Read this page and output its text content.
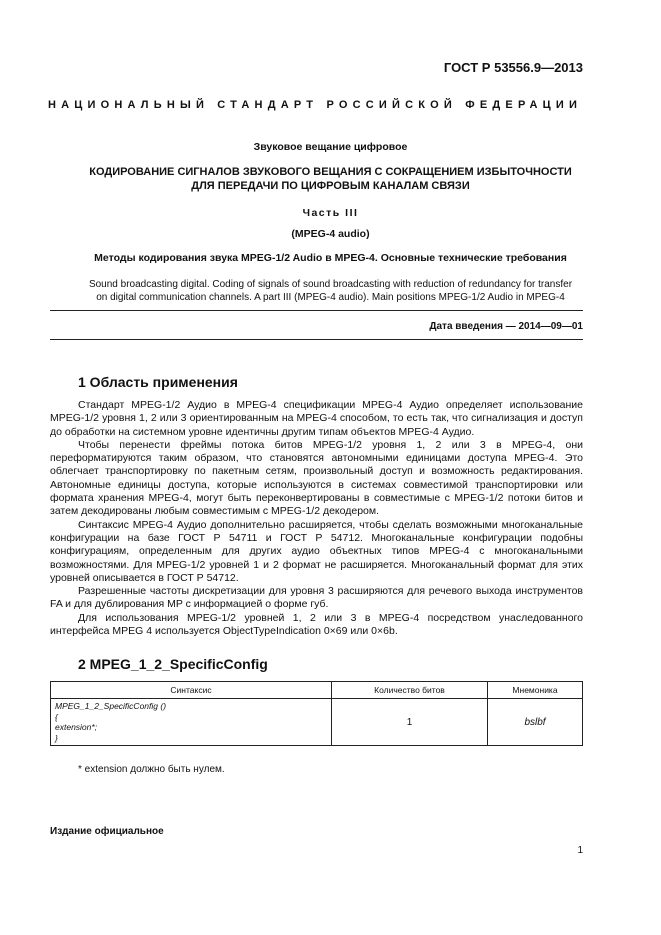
ГОСТ Р 53556.9—2013
НАЦИОНАЛЬНЫЙ СТАНДАРТ РОССИЙСКОЙ ФЕДЕРАЦИИ
Звуковое вещание цифровое
КОДИРОВАНИЕ СИГНАЛОВ ЗВУКОВОГО ВЕЩАНИЯ С СОКРАЩЕНИЕМ ИЗБЫТОЧНОСТИ
ДЛЯ ПЕРЕДАЧИ ПО ЦИФРОВЫМ КАНАЛАМ СВЯЗИ
Часть III
(MPEG-4 audio)
Методы кодирования звука MPEG-1/2 Audio в MPEG-4. Основные технические требования
Sound broadcasting digital. Coding of signals of sound broadcasting with reduction of redundancy for transfer
on digital communication channels. A part III (MPEG-4 audio). Main positions MPEG-1/2 Audio in MPEG-4
Дата введения — 2014—09—01
1 Область применения

Стандарт MPEG-1/2 Аудио в MPEG-4 спецификации MPEG-4 Аудио определяет использование MPEG-1/2 уровня 1, 2 или 3 ориентированным на MPEG-4 способом, то есть так, что сигнализация и доступ до обработки на системном уровне идентичны другим типам объектов MPEG-4 Аудио.

Чтобы перенести фреймы потока битов MPEG-1/2 уровня 1, 2 или 3 в MPEG-4, они переформатируются таким образом, что становятся автономными единицами доступа MPEG-4. Это облегчает транспортировку по пакетным сетям, произвольный доступ и возможность редактирования. Автономные единицы доступа, которые используются в системах совместимой транспортировки или формата хранения MPEG-4, могут быть переконвертированы в совместимые с MPEG-1/2 потоки битов и затем декодированы любым совместимым с MPEG-1/2 декодером.

Синтаксис MPEG-4 Аудио дополнительно расширяется, чтобы сделать возможными многоканальные конфигурации на базе ГОСТ Р 54711 и ГОСТ Р 54712. Многоканальные конфигурации подобны конфигурациям, определенным для других аудио объектных типов MPEG-4 с многоканальными возможностями. Для MPEG-1/2 уровней 1 и 2 формат не расширяется. Многоканальный формат для этих уровней описывается в ГОСТ Р 54712.

Разрешенные частоты дискретизации для уровня 3 расширяются для речевого выхода инструментов FA и для дублирования MP с информацией о форме губ.

Для использования MPEG-1/2 уровней 1, 2 или 3 в MPEG-4 посредством унаследованного интерфейса MPEG 4 используется ObjectTypeIndication 0×69 или 0×6b.

2 MPEG_1_2_SpecificConfig
Синтаксис	Количество битов	Мнемоника

MPEG_1_2_SpecificConfig ()
{
extension*;
}	1	bslbf
* extension должно быть нулем.
Издание официальное
1
